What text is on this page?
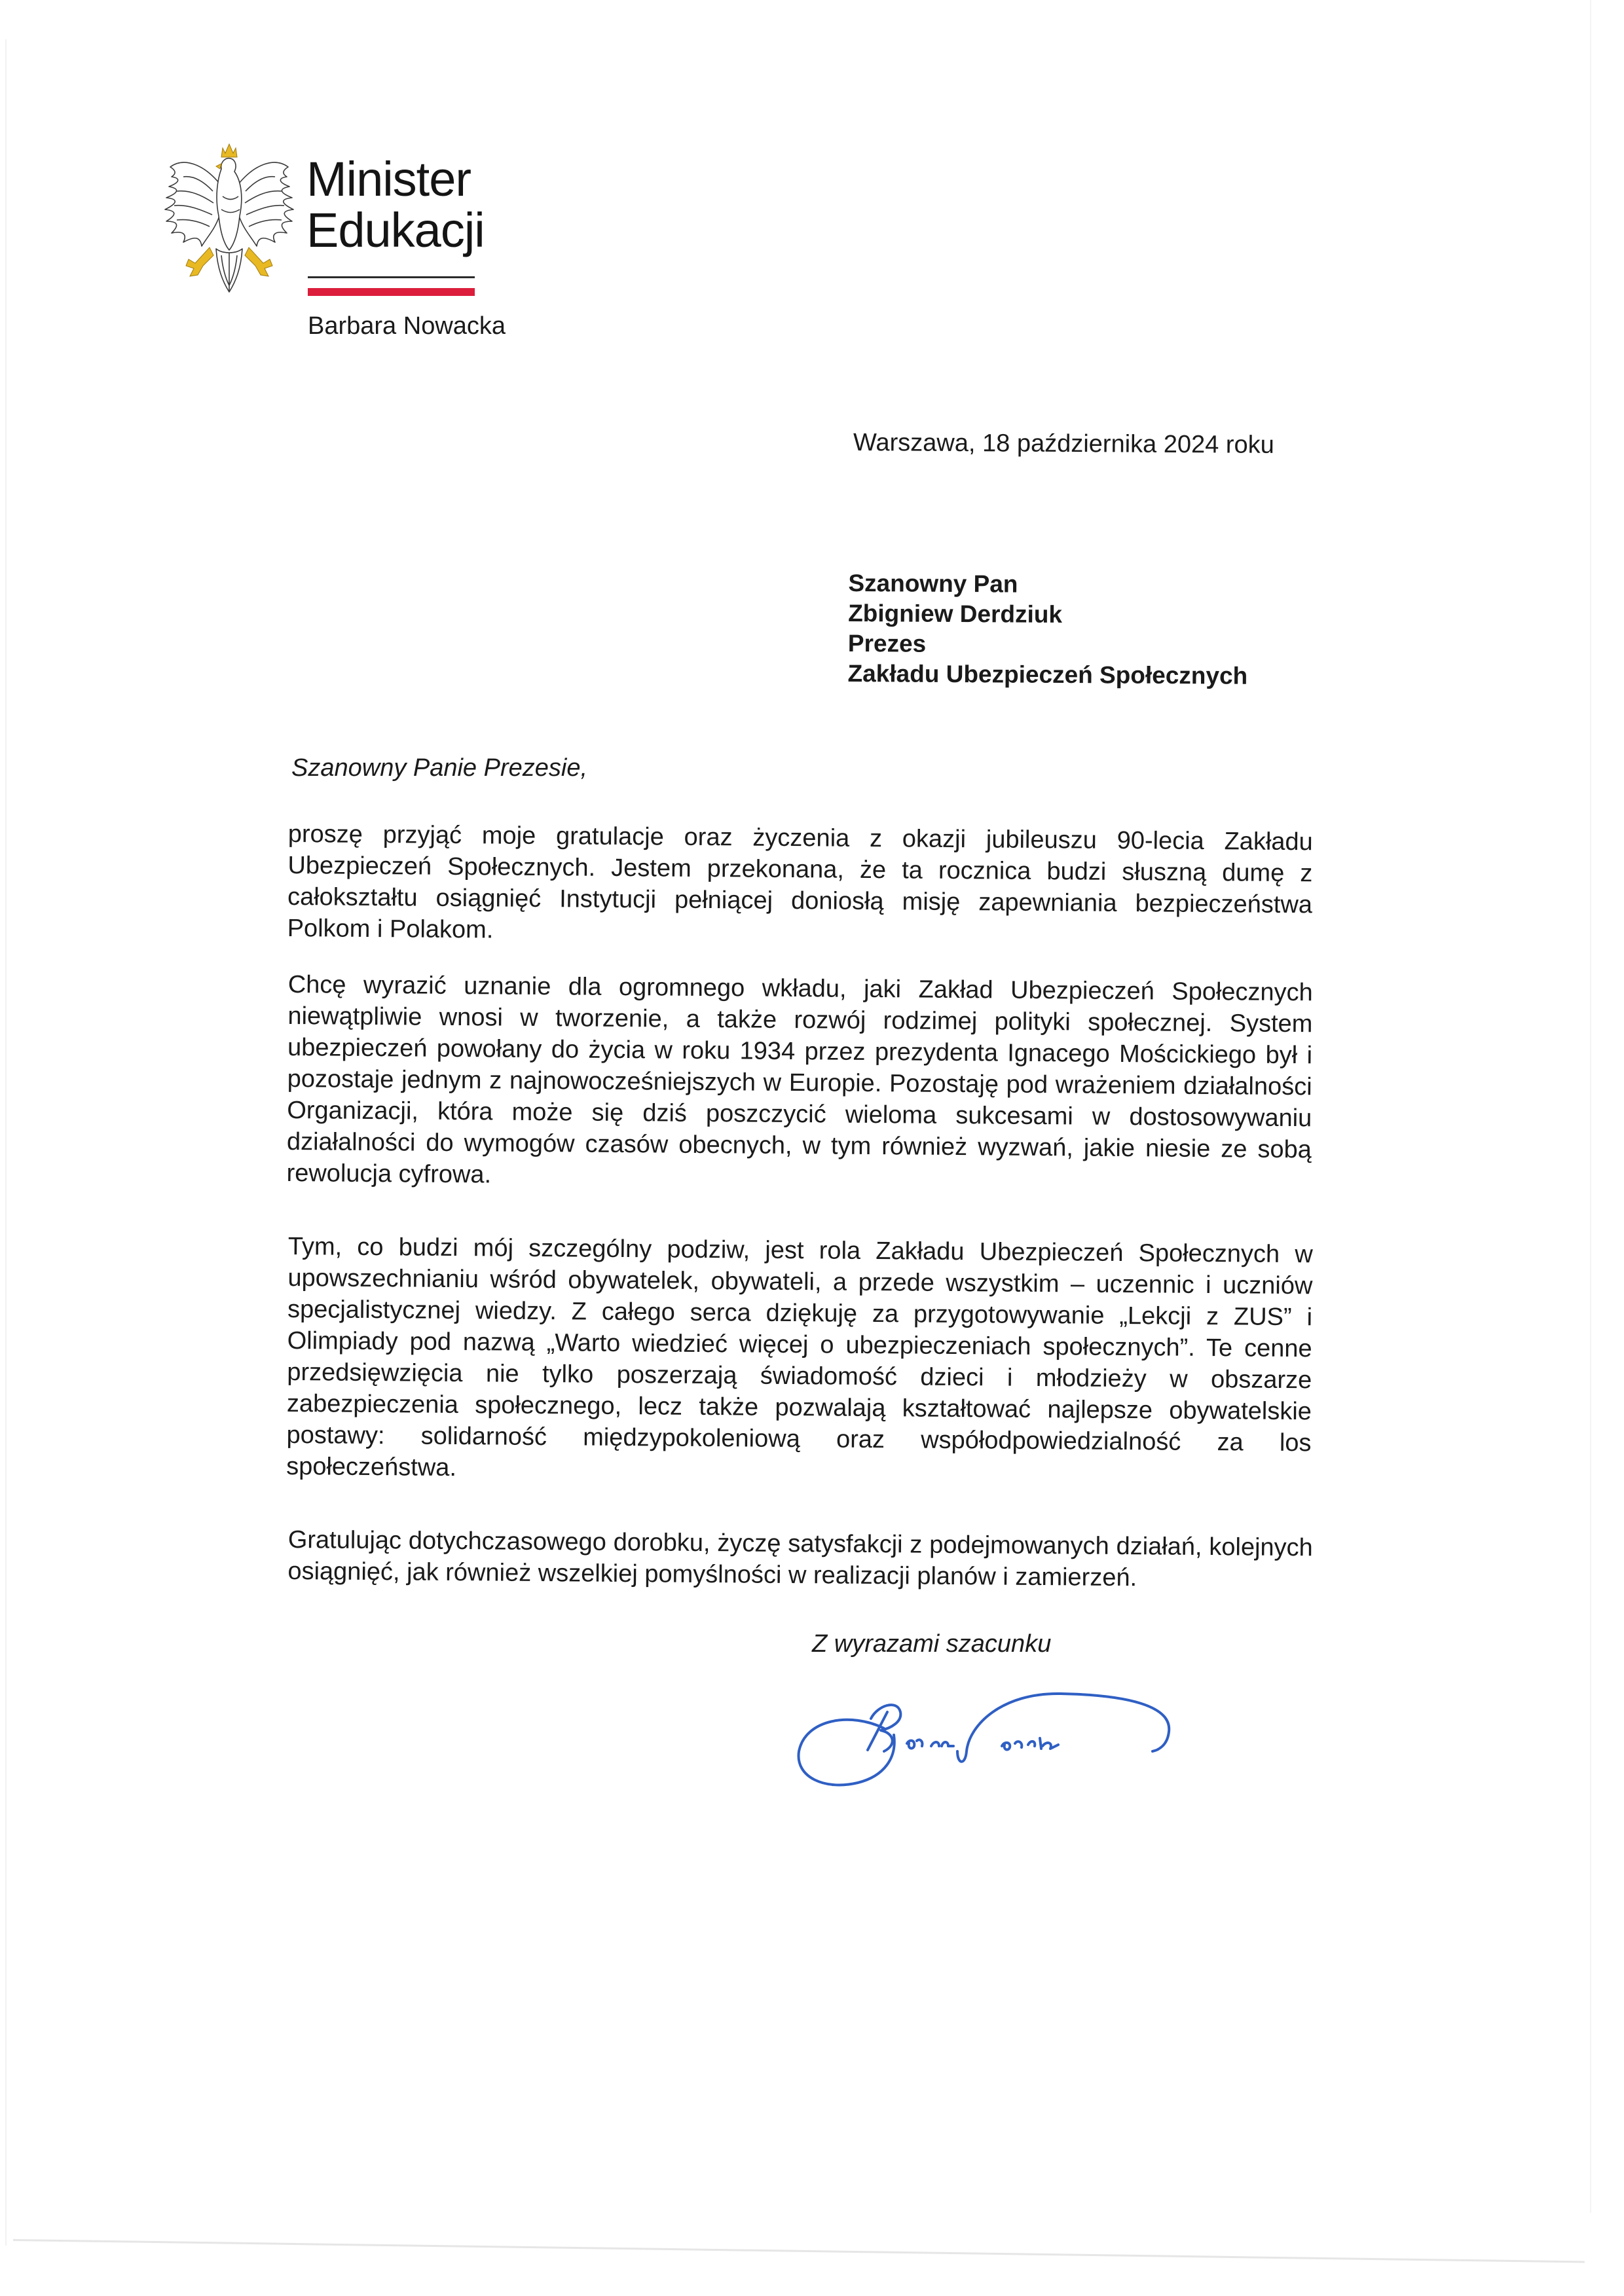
Minister
Edukacji
Barbara Nowacka
Warszawa, 18 października 2024 roku
Szanowny Pan
Zbigniew Derdziuk
Prezes
Zakładu Ubezpieczeń Społecznych
Szanowny Panie Prezesie,

proszę przyjąć moje gratulacje oraz życzenia z okazji jubileuszu 90-lecia Zakładu Ubezpieczeń Społecznych. Jestem przekonana, że ta rocznica budzi słuszną dumę z całokształtu osiągnięć Instytucji pełniącej doniosłą misję zapewniania bezpieczeństwa Polkom i Polakom.

Chcę wyrazić uznanie dla ogromnego wkładu, jaki Zakład Ubezpieczeń Społecznych niewątpliwie wnosi w tworzenie, a także rozwój rodzimej polityki społecznej. System ubezpieczeń powołany do życia w roku 1934 przez prezydenta Ignacego Mościckiego był i pozostaje jednym z najnowocześniejszych w Europie. Pozostaję pod wrażeniem działalności Organizacji, która może się dziś poszczycić wieloma sukcesami w dostosowywaniu działalności do wymogów czasów obecnych, w tym również wyzwań, jakie niesie ze sobą rewolucja cyfrowa.

Tym, co budzi mój szczególny podziw, jest rola Zakładu Ubezpieczeń Społecznych w upowszechnianiu wśród obywatelek, obywateli, a przede wszystkim – uczennic i uczniów specjalistycznej wiedzy. Z całego serca dziękuję za przygotowywanie „Lekcji z ZUS” i Olimpiady pod nazwą „Warto wiedzieć więcej o ubezpieczeniach społecznych”. Te cenne przedsięwzięcia nie tylko poszerzają świadomość dzieci i młodzieży w obszarze zabezpieczenia społecznego, lecz także pozwalają kształtować najlepsze obywatelskie postawy: solidarność międzypokoleniową oraz współodpowiedzialność za los społeczeństwa.

Gratulując dotychczasowego dorobku, życzę satysfakcji z podejmowanych działań, kolejnych osiągnięć, jak również wszelkiej pomyślności w realizacji planów i zamierzeń.

Z wyrazami szacunku
